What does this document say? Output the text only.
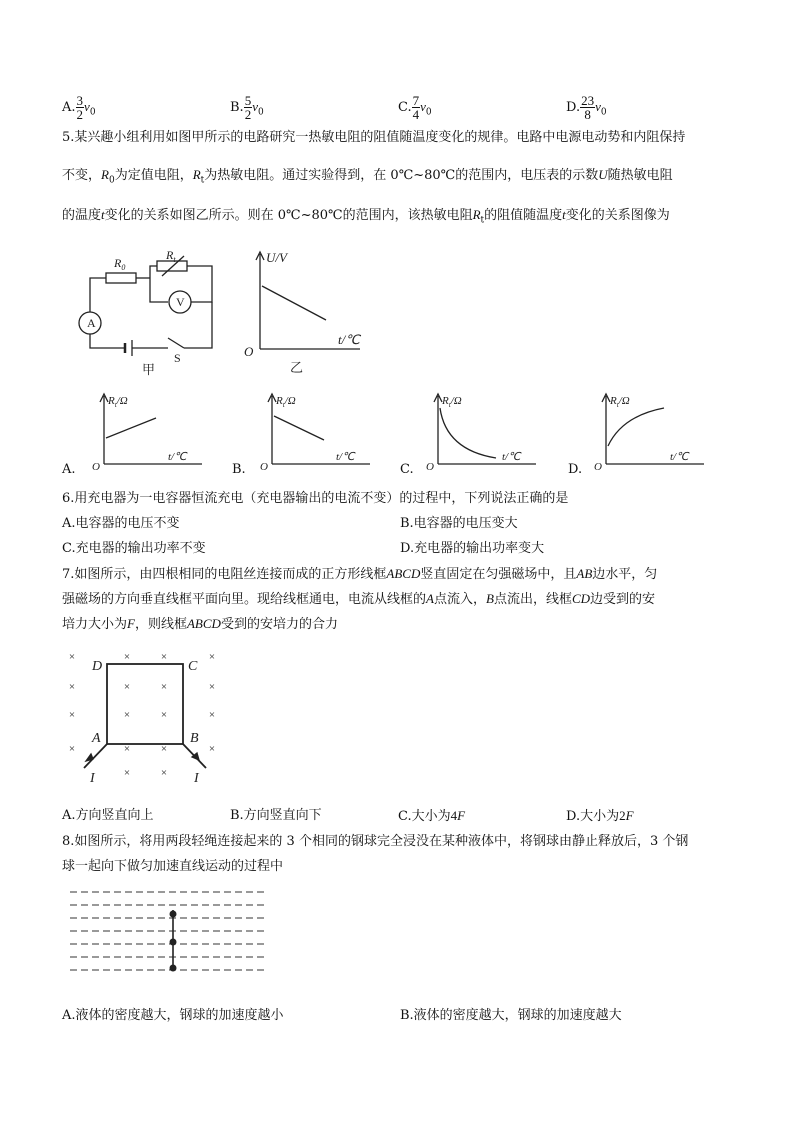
A. $\frac{3}{2} v_0$	B. $\frac{5}{2} v_0$	C. $\frac{7}{4} v_0$	D. $\frac{23}{8} v_0$
5.某兴趣小组利用如图甲所示的电路研究一热敏电阻的阻值随温度变化的规律。电路中电源电动势和内阻保持
不变，$R_0$为定值电阻，$R_t$为热敏电阻。通过实验得到，在 0℃~80℃的范围内，电压表的示数U随热敏电阻
的温度t变化的关系如图乙所示。则在 0℃~80℃的范围内，该热敏电阻$R_t$的阻值随温度t变化的关系图像为
A
V
$R_0$
$R_t$
S
甲
U/V
t/℃
O
乙
A.
$R_t/\Omega$
t/℃
O	B.
$R_t/\Omega$
t/℃
O	C.
$R_t/\Omega$
t/℃
O	D.
$R_t/\Omega$
t/℃
O
6.用充电器为一电容器恒流充电（充电器输出的电流不变）的过程中，下列说法正确的是
A.电容器的电压不变	B.电容器的电压变大
C.充电器的输出功率不变	D.充电器的输出功率变大
7.如图所示，由四根相同的电阻丝连接而成的正方形线框ABCD竖直固定在匀强磁场中，且AB边水平，匀
强磁场的方向垂直线框平面向里。现给线框通电，电流从线框的A点流入，B点流出，线框CD边受到的安
培力大小为F，则线框ABCD受到的安培力的合力
×	×	×	×
×	×	×	×
×	×	×	×
×	×	×	×
×	×
D	C
A	B
I	I
A.方向竖直向上	B.方向竖直向下	C.大小为4F	D.大小为2F
8.如图所示，将用两段轻绳连接起来的 3 个相同的钢球完全浸没在某种液体中，将钢球由静止释放后，3 个钢
球一起向下做匀加速直线运动的过程中
A.液体的密度越大，钢球的加速度越小	B.液体的密度越大，钢球的加速度越大
